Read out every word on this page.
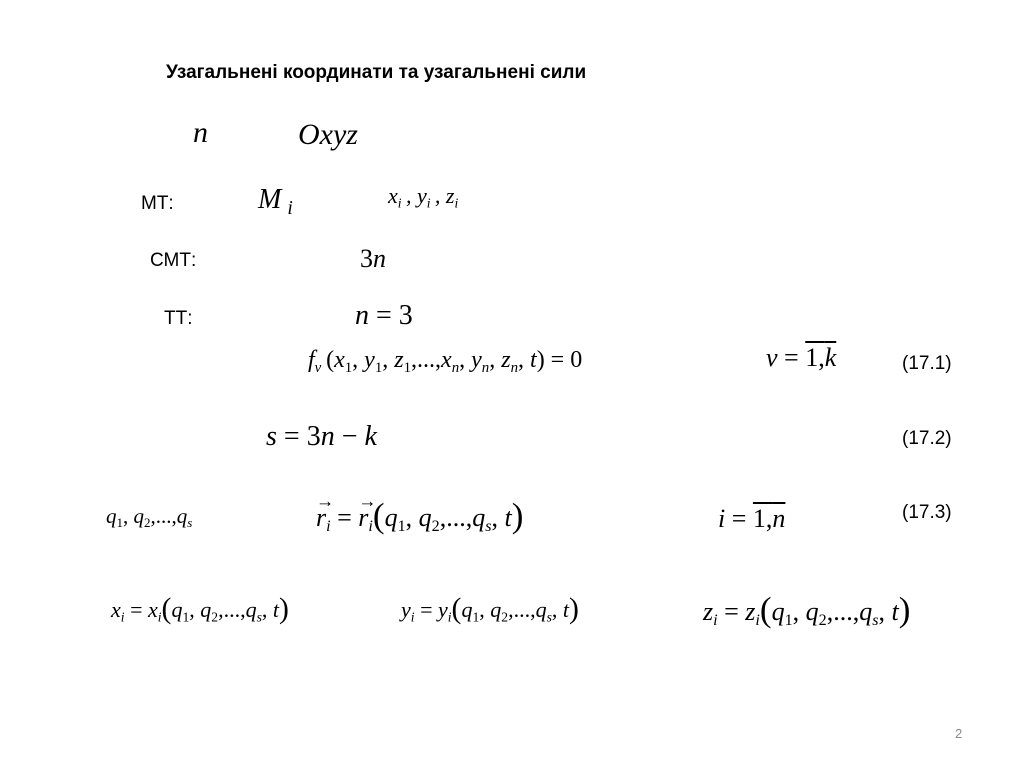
Узагальнені координати та узагальнені сили
n	Oxyz
МТ:	M $_i$
$x_i$ , $y_i$ , $z_i$
СМТ:	3n
ТТ:	n = 3
$f_\nu$ ($x_1$, $y_1$, $z_1,...,x_n$, $y_n$, $z_n$, t) = 0	ν = 1,k	(17.1)
s = 3n − k	(17.2)
$q_1$, $q_2,...,q_s$	→ $r_i$ = → $r_i(q_1$, $q_2,...,q_s$, t)	i = 1,n	(17.3)
$x_i = x_i(q_1$, $q_2,...,q_s$, t)	$y_i = y_i(q_1$, $q_2,...,q_s$, t)	$z_i = z_i(q_1$, $q_2,...,q_s$, t)
2
